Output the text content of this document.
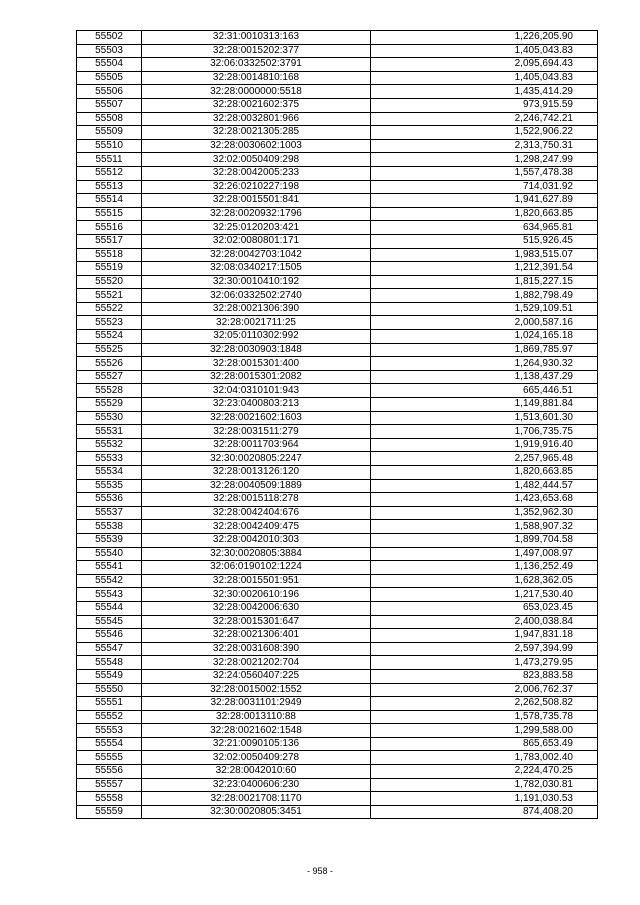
55502	32:31:0010313:163	1,226,205.90
55503	32:28:0015202:377	1,405,043.83
55504	32:06:0332502:3791	2,095,694.43
55505	32:28:0014810:168	1,405,043.83
55506	32:28:0000000:5518	1,435,414.29
55507	32:28:0021602:375	973,915.59
55508	32:28:0032801:966	2,246,742.21
55509	32:28:0021305:285	1,522,906.22
55510	32:28:0030602:1003	2,313,750.31
55511	32:02:0050409:298	1,298,247.99
55512	32:28:0042005:233	1,557,478.38
55513	32:26:0210227:198	714,031.92
55514	32:28:0015501:841	1,941,627.89
55515	32:28:0020932:1796	1,820,663.85
55516	32:25:0120203:421	634,965.81
55517	32:02:0080801:171	515,926.45
55518	32:28:0042703:1042	1,983,515.07
55519	32:08:0340217:1505	1,212,391.54
55520	32:30:0010410:192	1,815,227.15
55521	32:06:0332502:2740	1,882,798.49
55522	32:28:0021306:390	1,529,109.51
55523	32:28:0021711:25	2,000,587.16
55524	32:05:0110302:992	1,024,165.18
55525	32:28:0030903:1848	1,869,785.97
55526	32:28:0015301:400	1,264,930.32
55527	32:28:0015301:2082	1,138,437.29
55528	32:04:0310101:943	665,446.51
55529	32:23:0400803:213	1,149,881.84
55530	32:28:0021602:1603	1,513,601.30
55531	32:28:0031511:279	1,706,735.75
55532	32:28:0011703:964	1,919,916.40
55533	32:30:0020805:2247	2,257,965.48
55534	32:28:0013126:120	1,820,663.85
55535	32:28:0040509:1889	1,482,444.57
55536	32:28:0015118:278	1,423,653.68
55537	32:28:0042404:676	1,352,962.30
55538	32:28:0042409:475	1,588,907.32
55539	32:28:0042010:303	1,899,704.58
55540	32:30:0020805:3884	1,497,008.97
55541	32:06:0190102:1224	1,136,252.49
55542	32:28:0015501:951	1,628,362.05
55543	32:30:0020610:196	1,217,530.40
55544	32:28:0042006:630	653,023.45
55545	32:28:0015301:647	2,400,038.84
55546	32:28:0021306:401	1,947,831.18
55547	32:28:0031608:390	2,597,394.99
55548	32:28:0021202:704	1,473,279.95
55549	32:24:0560407:225	823,883.58
55550	32:28:0015002:1552	2,006,762.37
55551	32:28:0031101:2949	2,262,508.82
55552	32:28:0013110:88	1,578,735.78
55553	32:28:0021602:1548	1,299,588.00
55554	32:21:0090105:136	865,653.49
55555	32:02:0050409:278	1,783,002.40
55556	32:28:0042010:60	2,224,470.25
55557	32:23:0400606:230	1,782,030.81
55558	32:28:0021708:1170	1,191,030.53
55559	32:30:0020805:3451	874,408.20
- 958 -
